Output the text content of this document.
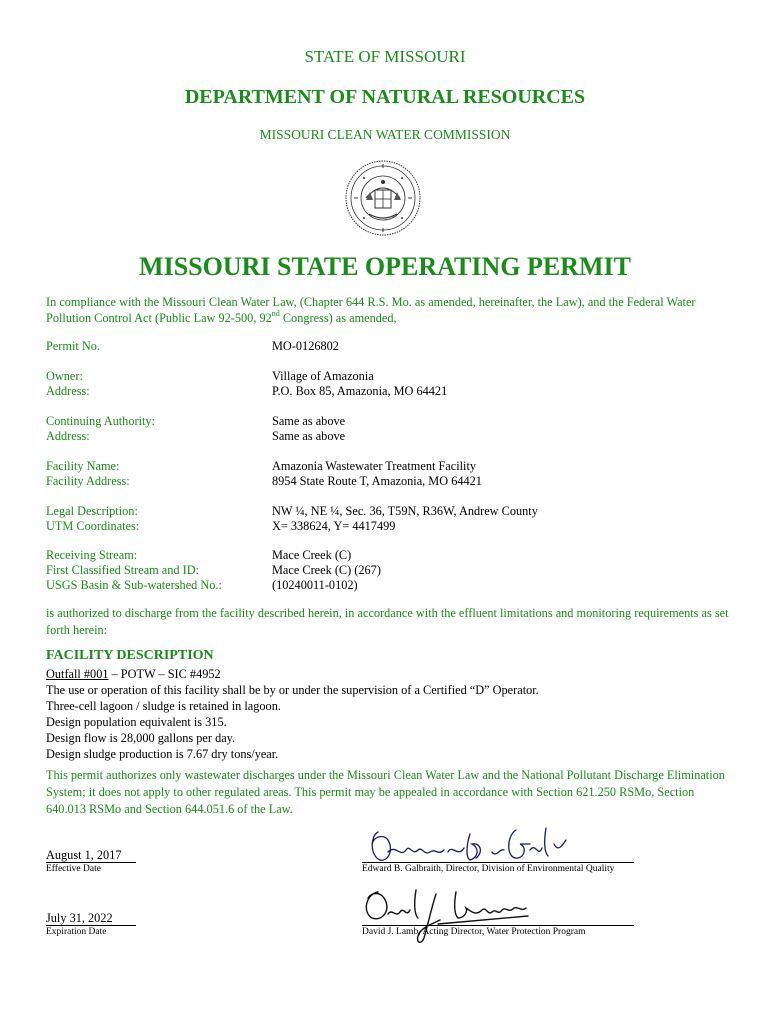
STATE OF MISSOURI
DEPARTMENT OF NATURAL RESOURCES
MISSOURI CLEAN WATER COMMISSION
MISSOURI STATE OPERATING PERMIT
In compliance with the Missouri Clean Water Law, (Chapter 644 R.S. Mo. as amended, hereinafter, the Law), and the Federal Water Pollution Control Act (Public Law 92-500, 92nd Congress) as amended,
Permit No.	MO-0126802
Owner:	Village of Amazonia
Address:	P.O. Box 85, Amazonia, MO 64421
Continuing Authority:	Same as above
Address:	Same as above
Facility Name:	Amazonia Wastewater Treatment Facility
Facility Address:	8954 State Route T, Amazonia, MO 64421
Legal Description:	NW ¼, NE ¼, Sec. 36, T59N, R36W, Andrew County
UTM Coordinates:	X= 338624, Y= 4417499
Receiving Stream:	Mace Creek (C)
First Classified Stream and ID:	Mace Creek (C) (267)
USGS Basin & Sub-watershed No.:	(10240011-0102)
is authorized to discharge from the facility described herein, in accordance with the effluent limitations and monitoring requirements as set forth herein:
FACILITY DESCRIPTION
Outfall #001 – POTW – SIC #4952
The use or operation of this facility shall be by or under the supervision of a Certified “D” Operator.
Three-cell lagoon / sludge is retained in lagoon.
Design population equivalent is 315.
Design flow is 28,000 gallons per day.
Design sludge production is 7.67 dry tons/year.
This permit authorizes only wastewater discharges under the Missouri Clean Water Law and the National Pollutant Discharge Elimination System; it does not apply to other regulated areas. This permit may be appealed in accordance with Section 621.250 RSMo, Section 640.013 RSMo and Section 644.051.6 of the Law.
August 1, 2017
Effective Date	Edward B. Galbraith, Director, Division of Environmental Quality
July 31, 2022
Expiration Date	David J. Lamb, Acting Director, Water Protection Program
